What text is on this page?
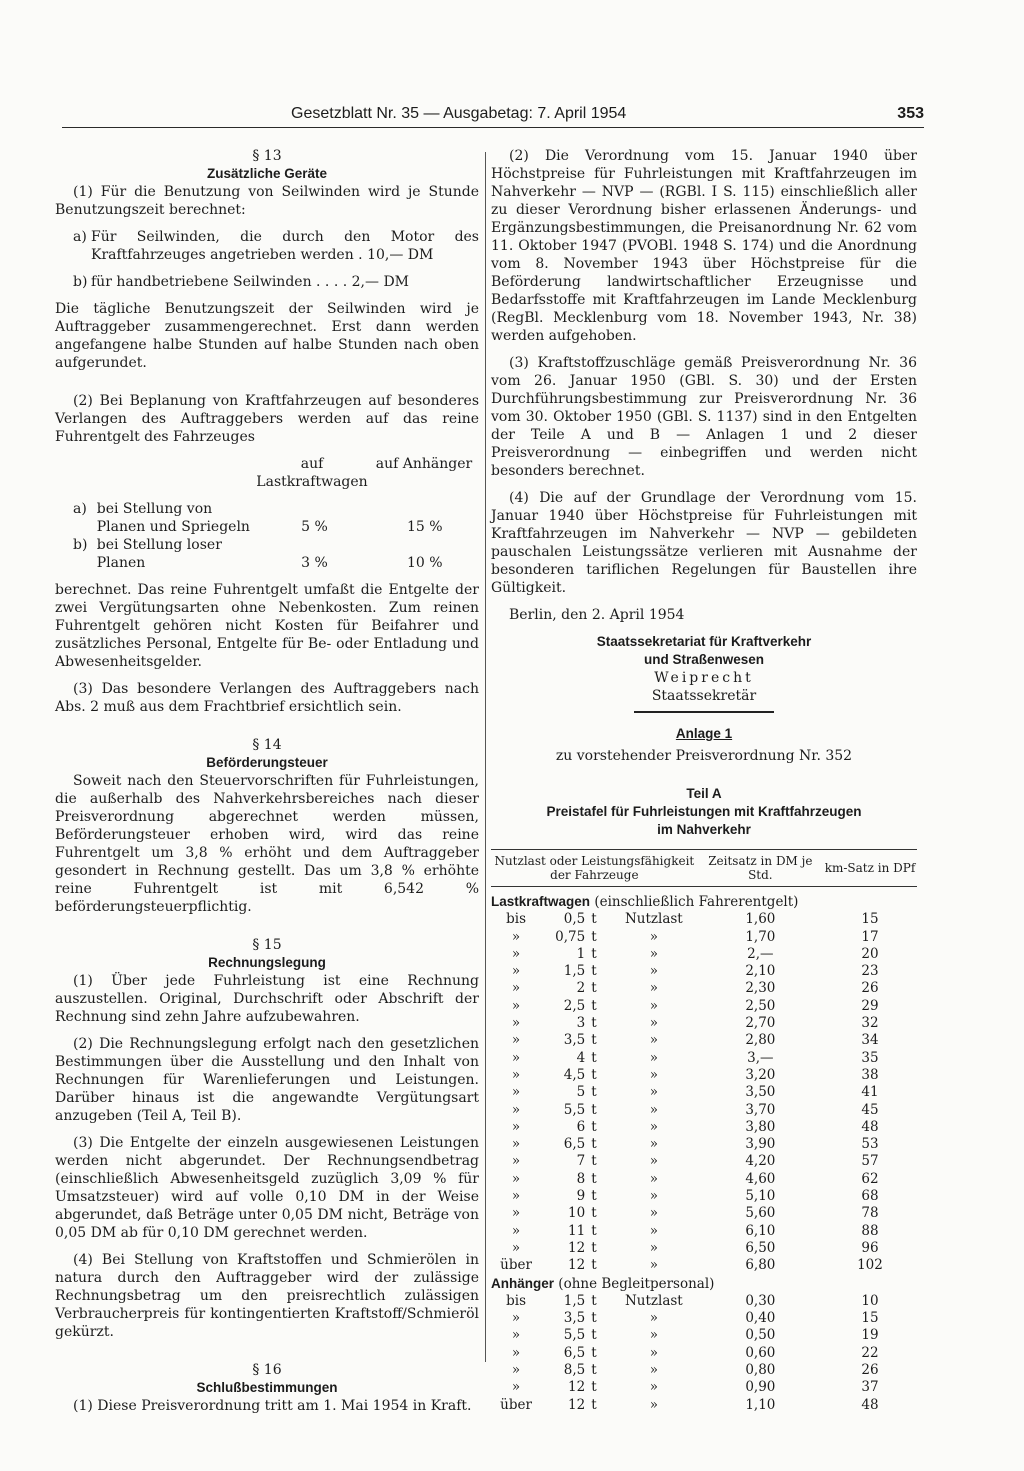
Gesetzblatt Nr. 35 — Ausgabetag: 7. April 1954	353

§ 13

Zusätzliche Geräte

(1) Für die Benutzung von Seilwinden wird je Stunde Benutzungszeit berechnet:

a) Für Seilwinden, die durch den Motor des Kraftfahrzeuges angetrieben werden . 10,— DM
b) für handbetriebene Seilwinden . . . . 2,— DM

Die tägliche Benutzungszeit der Seilwinden wird je Auftraggeber zusammengerechnet. Erst dann werden angefangene halbe Stunden auf halbe Stunden nach oben aufgerundet.

(2) Bei Beplanung von Kraftfahrzeugen auf besonderes Verlangen des Auftraggebers werden auf das reine Fuhrentgelt des Fahrzeuges

auf Lastkraftwagen
auf Anhänger
a) bei Stellung von Planen und Spriegeln	5 %	15 %
b) bei Stellung loser Planen	3 %	10 %

berechnet. Das reine Fuhrentgelt umfaßt die Entgelte der zwei Vergütungsarten ohne Nebenkosten. Zum reinen Fuhrentgelt gehören nicht Kosten für Beifahrer und zusätzliches Personal, Entgelte für Be- oder Entladung und Abwesenheitsgelder.

(3) Das besondere Verlangen des Auftraggebers nach Abs. 2 muß aus dem Frachtbrief ersichtlich sein.

§ 14

Beförderungsteuer

Soweit nach den Steuervorschriften für Fuhrleistungen, die außerhalb des Nahverkehrsbereiches nach dieser Preisverordnung abgerechnet werden müssen, Beförderungsteuer erhoben wird, wird das reine Fuhrentgelt um 3,8 % erhöht und dem Auftraggeber gesondert in Rechnung gestellt. Das um 3,8 % erhöhte reine Fuhrentgelt ist mit 6,542 % beförderungsteuerpflichtig.

§ 15

Rechnungslegung

(1) Über jede Fuhrleistung ist eine Rechnung auszustellen. Original, Durchschrift oder Abschrift der Rechnung sind zehn Jahre aufzubewahren.

(2) Die Rechnungslegung erfolgt nach den gesetzlichen Bestimmungen über die Ausstellung und den Inhalt von Rechnungen für Warenlieferungen und Leistungen. Darüber hinaus ist die angewandte Vergütungsart anzugeben (Teil A, Teil B).

(3) Die Entgelte der einzeln ausgewiesenen Leistungen werden nicht abgerundet. Der Rechnungsendbetrag (einschließlich Abwesenheitsgeld zuzüglich 3,09 % für Umsatzsteuer) wird auf volle 0,10 DM in der Weise abgerundet, daß Beträge unter 0,05 DM nicht, Beträge von 0,05 DM ab für 0,10 DM gerechnet werden.

(4) Bei Stellung von Kraftstoffen und Schmierölen in natura durch den Auftraggeber wird der zulässige Rechnungsbetrag um den preisrechtlich zulässigen Verbraucherpreis für kontingentierten Kraftstoff/Schmieröl gekürzt.

§ 16

Schlußbestimmungen

(1) Diese Preisverordnung tritt am 1. Mai 1954 in Kraft.

(2) Die Verordnung vom 15. Januar 1940 über Höchstpreise für Fuhrleistungen mit Kraftfahrzeugen im Nahverkehr — NVP — (RGBl. I S. 115) einschließlich aller zu dieser Verordnung bisher erlassenen Änderungs- und Ergänzungsbestimmungen, die Preisanordnung Nr. 62 vom 11. Oktober 1947 (PVOBl. 1948 S. 174) und die Anordnung vom 8. November 1943 über Höchstpreise für die Beförderung landwirtschaftlicher Erzeugnisse und Bedarfsstoffe mit Kraftfahrzeugen im Lande Mecklenburg (RegBl. Mecklenburg vom 18. November 1943, Nr. 38) werden aufgehoben.

(3) Kraftstoffzuschläge gemäß Preisverordnung Nr. 36 vom 26. Januar 1950 (GBl. S. 30) und der Ersten Durchführungsbestimmung zur Preisverordnung Nr. 36 vom 30. Oktober 1950 (GBl. S. 1137) sind in den Entgelten der Teile A und B — Anlagen 1 und 2 dieser Preisverordnung — einbegriffen und werden nicht besonders berechnet.

(4) Die auf der Grundlage der Verordnung vom 15. Januar 1940 über Höchstpreise für Fuhrleistungen mit Kraftfahrzeugen im Nahverkehr — NVP — gebildeten pauschalen Leistungssätze verlieren mit Ausnahme der besonderen tariflichen Regelungen für Baustellen ihre Gültigkeit.

Berlin, den 2. April 1954

Staatssekretariat für Kraftverkehr

und Straßenwesen

Weiprecht

Staatssekretär

Anlage 1

zu vorstehender Preisverordnung Nr. 352

Teil A

Preistafel für Fuhrleistungen mit Kraftfahrzeugen

im Nahverkehr

Nutzlast oder Leistungsfähigkeit der Fahrzeuge				Zeitsatz in DM je Std.	km-Satz in DPf
Lastkraftwagen (einschließlich Fahrerentgelt)					
bis	0,5	t	Nutzlast	1,60	15
»	0,75	t	»	1,70	17
»	1	t	»	2,—	20
»	1,5	t	»	2,10	23
»	2	t	»	2,30	26
»	2,5	t	»	2,50	29
»	3	t	»	2,70	32
»	3,5	t	»	2,80	34
»	4	t	»	3,—	35
»	4,5	t	»	3,20	38
»	5	t	»	3,50	41
»	5,5	t	»	3,70	45
»	6	t	»	3,80	48
»	6,5	t	»	3,90	53
»	7	t	»	4,20	57
»	8	t	»	4,60	62
»	9	t	»	5,10	68
»	10	t	»	5,60	78
»	11	t	»	6,10	88
»	12	t	»	6,50	96
über	12	t	»	6,80	102
Anhänger (ohne Begleitpersonal)					
bis	1,5	t	Nutzlast	0,30	10
»	3,5	t	»	0,40	15
»	5,5	t	»	0,50	19
»	6,5	t	»	0,60	22
»	8,5	t	»	0,80	26
»	12	t	»	0,90	37
über	12	t	»	1,10	48
